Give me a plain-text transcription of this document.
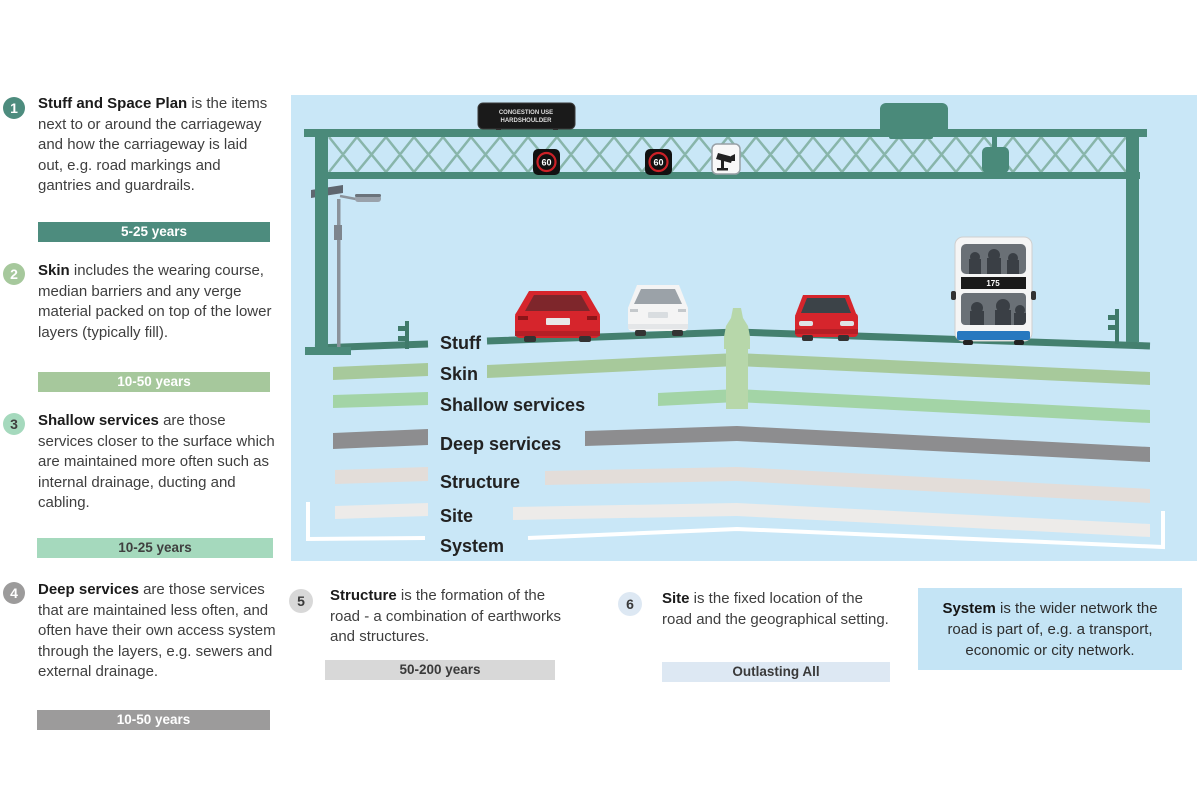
1	Stuff and Space Plan is the items next to or around the carriageway and how the carriageway is laid out, e.g. road markings and gantries and guardrails.
5-25 years
2	Skin includes the wearing course, median barriers and any verge material packed on top of the lower layers (typically fill).
10-50 years
3	Shallow services are those services closer to the surface which are maintained more often such as internal drainage, ducting and cabling.
10-25 years
4	Deep services are those services that are maintained less often, and often have their own access system through the layers, e.g. sewers and external drainage.
10-50 years
5	Structure is the formation of the road - a combination of earthworks and structures.
50-200 years
6	Site is the fixed location of the road and the geographical setting.
Outlasting All
System is the wider network the road is part of, e.g. a transport, economic or city network.
175
CONGESTION USE
HARDSHOULDER
60	60
Stuff
Skin
Shallow services
Deep services
Structure
Site
System
